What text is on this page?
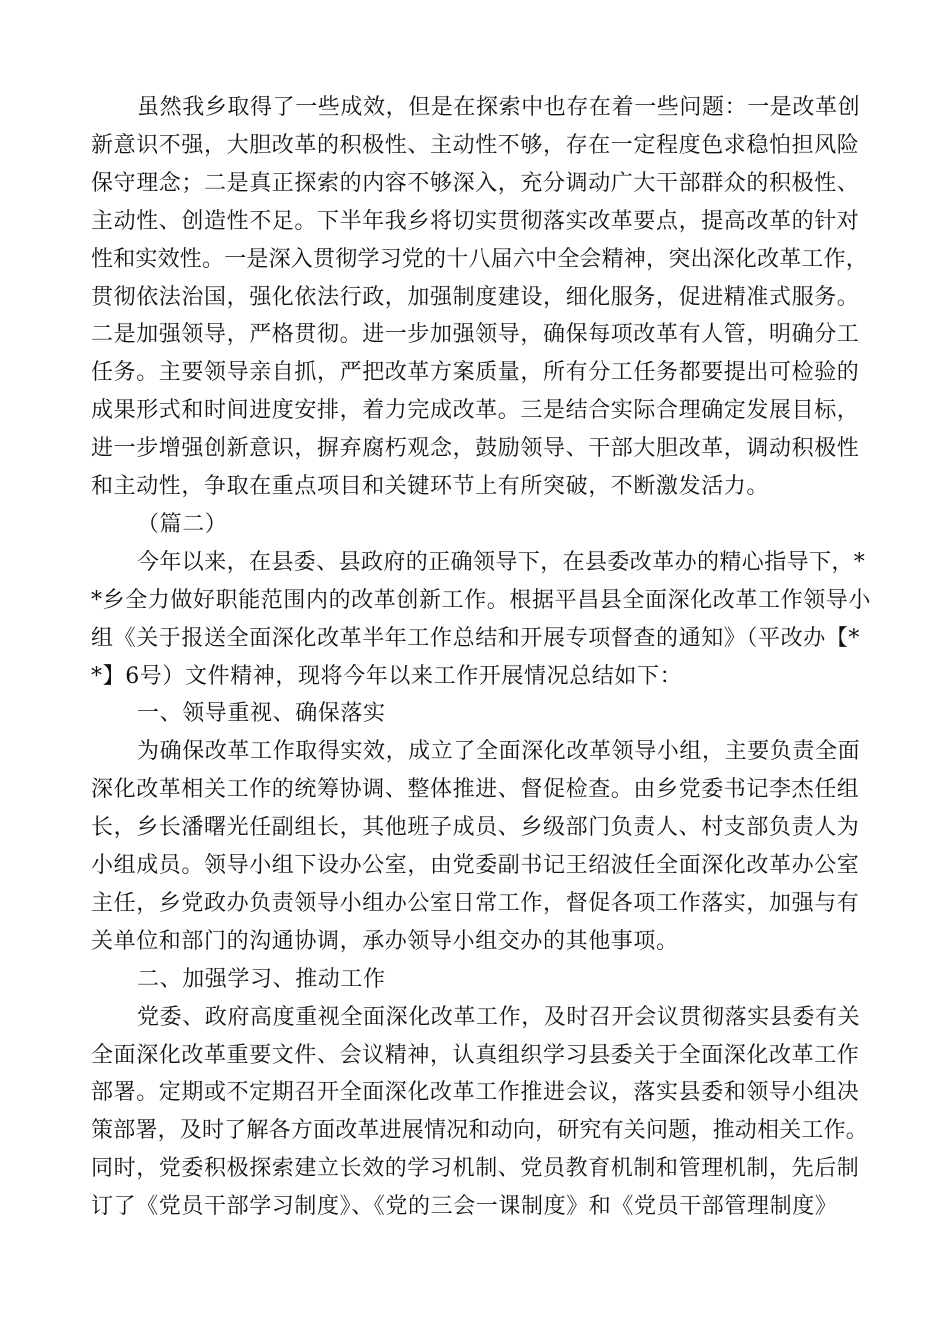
虽然我乡取得了一些成效，但是在探索中也存在着一些问题：一是改革创
新意识不强，大胆改革的积极性、主动性不够，存在一定程度色求稳怕担风险
保守理念；二是真正探索的内容不够深入，充分调动广大干部群众的积极性、
主动性、创造性不足。下半年我乡将切实贯彻落实改革要点，提高改革的针对
性和实效性。一是深入贯彻学习党的十八届六中全会精神，突出深化改革工作，
贯彻依法治国，强化依法行政，加强制度建设，细化服务，促进精准式服务。
二是加强领导，严格贯彻。进一步加强领导，确保每项改革有人管，明确分工
任务。主要领导亲自抓，严把改革方案质量，所有分工任务都要提出可检验的
成果形式和时间进度安排，着力完成改革。三是结合实际合理确定发展目标，
进一步增强创新意识，摒弃腐朽观念，鼓励领导、干部大胆改革，调动积极性
和主动性，争取在重点项目和关键环节上有所突破，不断激发活力。
（篇二）
今年以来，在县委、县政府的正确领导下，在县委改革办的精心指导下，*
*乡全力做好职能范围内的改革创新工作。根据平昌县全面深化改革工作领导小
组《关于报送全面深化改革半年工作总结和开展专项督查的通知》（平改办【*
*】6号）文件精神，现将今年以来工作开展情况总结如下：
一、领导重视、确保落实
为确保改革工作取得实效，成立了全面深化改革领导小组，主要负责全面
深化改革相关工作的统筹协调、整体推进、督促检查。由乡党委书记李杰任组
长，乡长潘曙光任副组长，其他班子成员、乡级部门负责人、村支部负责人为
小组成员。领导小组下设办公室，由党委副书记王绍波任全面深化改革办公室
主任，乡党政办负责领导小组办公室日常工作，督促各项工作落实，加强与有
关单位和部门的沟通协调，承办领导小组交办的其他事项。
二、加强学习、推动工作
党委、政府高度重视全面深化改革工作，及时召开会议贯彻落实县委有关
全面深化改革重要文件、会议精神，认真组织学习县委关于全面深化改革工作
部署。定期或不定期召开全面深化改革工作推进会议，落实县委和领导小组决
策部署，及时了解各方面改革进展情况和动向，研究有关问题，推动相关工作。
同时，党委积极探索建立长效的学习机制、党员教育机制和管理机制，先后制
订了《党员干部学习制度》、《党的三会一课制度》和《党员干部管理制度》
